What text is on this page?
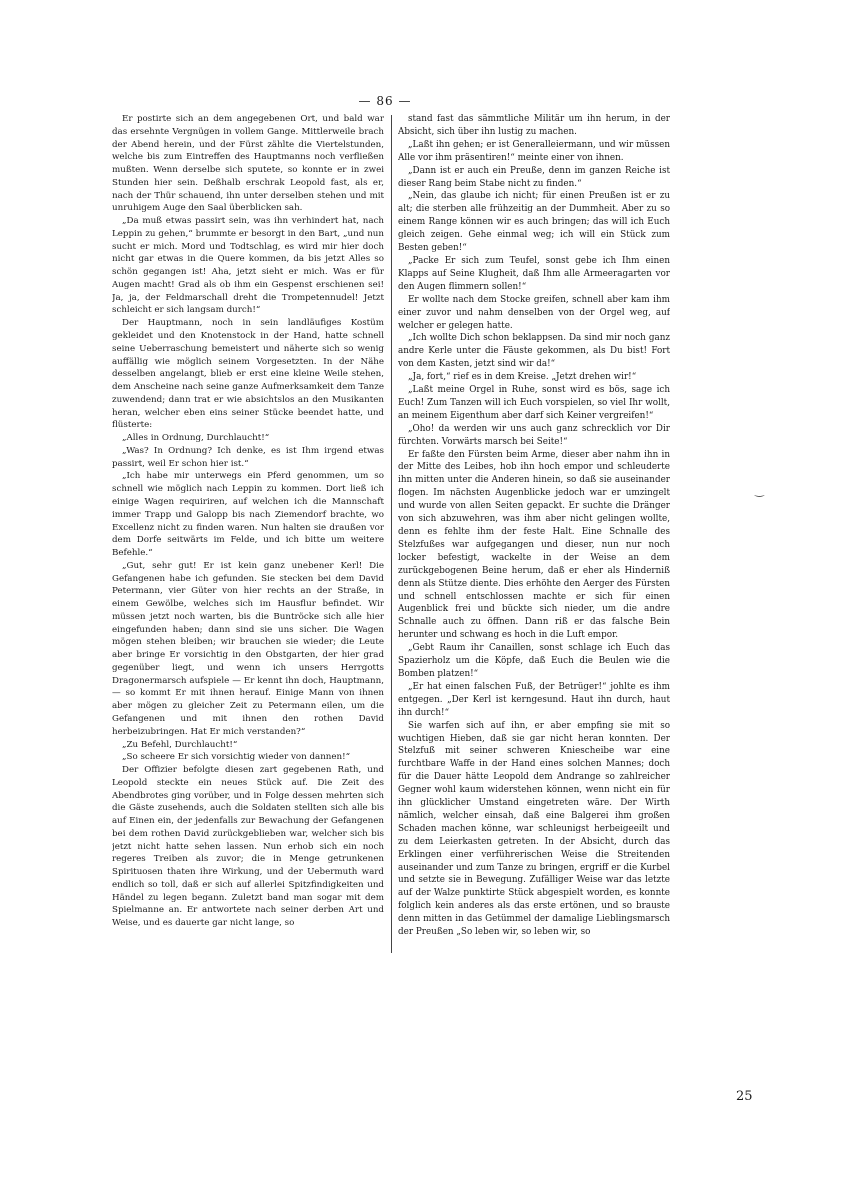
— 86 —

Er postirte sich an dem angegebenen Ort, und bald war das ersehnte Vergnügen in vollem Gange. Mittlerweile brach der Abend herein, und der Fürst zählte die Viertelstunden, welche bis zum Eintreffen des Hauptmanns noch verfließen mußten. Wenn derselbe sich sputete, so konnte er in zwei Stunden hier sein. Deßhalb erschrak Leopold fast, als er, nach der Thür schauend, ihn unter derselben stehen und mit unruhigem Auge den Saal überblicken sah.

„Da muß etwas passirt sein, was ihn verhindert hat, nach Leppin zu gehen,“ brummte er besorgt in den Bart, „und nun sucht er mich. Mord und Todtschlag, es wird mir hier doch nicht gar etwas in die Quere kommen, da bis jetzt Alles so schön gegangen ist! Aha, jetzt sieht er mich. Was er für Augen macht! Grad als ob ihm ein Gespenst erschienen sei! Ja, ja, der Feldmarschall dreht die Trompetennudel! Jetzt schleicht er sich langsam durch!“

Der Hauptmann, noch in sein landläufiges Kostüm gekleidet und den Knotenstock in der Hand, hatte schnell seine Ueberraschung bemeistert und näherte sich so wenig auffällig wie möglich seinem Vorgesetzten. In der Nähe desselben angelangt, blieb er erst eine kleine Weile stehen, dem Anscheine nach seine ganze Aufmerksamkeit dem Tanze zuwendend; dann trat er wie absichtslos an den Musikanten heran, welcher eben eins seiner Stücke beendet hatte, und flüsterte:

„Alles in Ordnung, Durchlaucht!“

„Was? In Ordnung? Ich denke, es ist Ihm irgend etwas passirt, weil Er schon hier ist.“

„Ich habe mir unterwegs ein Pferd genommen, um so schnell wie möglich nach Leppin zu kommen. Dort ließ ich einige Wagen requiriren, auf welchen ich die Mannschaft immer Trapp und Galopp bis nach Ziemendorf brachte, wo Excellenz nicht zu finden waren. Nun halten sie draußen vor dem Dorfe seitwärts im Felde, und ich bitte um weitere Befehle.“

„Gut, sehr gut! Er ist kein ganz unebener Kerl! Die Gefangenen habe ich gefunden. Sie stecken bei dem David Petermann, vier Güter von hier rechts an der Straße, in einem Gewölbe, welches sich im Hausflur befindet. Wir müssen jetzt noch warten, bis die Buntröcke sich alle hier eingefunden haben; dann sind sie uns sicher. Die Wagen mögen stehen bleiben; wir brauchen sie wieder; die Leute aber bringe Er vorsichtig in den Obstgarten, der hier grad gegenüber liegt, und wenn ich unsers Herrgotts Dragonermarsch aufspiele — Er kennt ihn doch, Hauptmann, — so kommt Er mit ihnen herauf. Einige Mann von ihnen aber mögen zu gleicher Zeit zu Petermann eilen, um die Gefangenen und mit ihnen den rothen David herbeizubringen. Hat Er mich verstanden?“

„Zu Befehl, Durchlaucht!“

„So scheere Er sich vorsichtig wieder von dannen!“

Der Offizier befolgte diesen zart gegebenen Rath, und Leopold steckte ein neues Stück auf. Die Zeit des Abendbrotes ging vorüber, und in Folge dessen mehrten sich die Gäste zusehends, auch die Soldaten stellten sich alle bis auf Einen ein, der jedenfalls zur Bewachung der Gefangenen bei dem rothen David zurückgeblieben war, welcher sich bis jetzt nicht hatte sehen lassen. Nun erhob sich ein noch regeres Treiben als zuvor; die in Menge getrunkenen Spirituosen thaten ihre Wirkung, und der Uebermuth ward endlich so toll, daß er sich auf allerlei Spitzfindigkeiten und Händel zu legen begann. Zuletzt band man sogar mit dem Spielmanne an. Er antwortete nach seiner derben Art und Weise, und es dauerte gar nicht lange, so

stand fast das sämmtliche Militär um ihn herum, in der Absicht, sich über ihn lustig zu machen.

„Laßt ihn gehen; er ist Generalleiermann, und wir müssen Alle vor ihm präsentiren!“ meinte einer von ihnen.

„Dann ist er auch ein Preuße, denn im ganzen Reiche ist dieser Rang beim Stabe nicht zu finden.“

„Nein, das glaube ich nicht; für einen Preußen ist er zu alt; die sterben alle frühzeitig an der Dummheit. Aber zu so einem Range können wir es auch bringen; das will ich Euch gleich zeigen. Gehe einmal weg; ich will ein Stück zum Besten geben!“

„Packe Er sich zum Teufel, sonst gebe ich Ihm einen Klapps auf Seine Klugheit, daß Ihm alle Armeeragarten vor den Augen flimmern sollen!“

Er wollte nach dem Stocke greifen, schnell aber kam ihm einer zuvor und nahm denselben von der Orgel weg, auf welcher er gelegen hatte.

„Ich wollte Dich schon beklappsen. Da sind mir noch ganz andre Kerle unter die Fäuste gekommen, als Du bist! Fort von dem Kasten, jetzt sind wir da!“

„Ja, fort,“ rief es in dem Kreise. „Jetzt drehen wir!“

„Laßt meine Orgel in Ruhe, sonst wird es bös, sage ich Euch! Zum Tanzen will ich Euch vorspielen, so viel Ihr wollt, an meinem Eigenthum aber darf sich Keiner vergreifen!“

„Oho! da werden wir uns auch ganz schrecklich vor Dir fürchten. Vorwärts marsch bei Seite!“

Er faßte den Fürsten beim Arme, dieser aber nahm ihn in der Mitte des Leibes, hob ihn hoch empor und schleuderte ihn mitten unter die Anderen hinein, so daß sie auseinander flogen. Im nächsten Augenblicke jedoch war er umzingelt und wurde von allen Seiten gepackt. Er suchte die Dränger von sich abzuwehren, was ihm aber nicht gelingen wollte, denn es fehlte ihm der feste Halt. Eine Schnalle des Stelzfußes war aufgegangen und dieser, nun nur noch locker befestigt, wackelte in der Weise an dem zurückgebogenen Beine herum, daß er eher als Hinderniß denn als Stütze diente. Dies erhöhte den Aerger des Fürsten und schnell entschlossen machte er sich für einen Augenblick frei und bückte sich nieder, um die andre Schnalle auch zu öffnen. Dann riß er das falsche Bein herunter und schwang es hoch in die Luft empor.

„Gebt Raum ihr Canaillen, sonst schlage ich Euch das Spazierholz um die Köpfe, daß Euch die Beulen wie die Bomben platzen!“

„Er hat einen falschen Fuß, der Betrüger!“ johlte es ihm entgegen. „Der Kerl ist kerngesund. Haut ihn durch, haut ihn durch!“

Sie warfen sich auf ihn, er aber empfing sie mit so wuchtigen Hieben, daß sie gar nicht heran konnten. Der Stelzfuß mit seiner schweren Kniescheibe war eine furchtbare Waffe in der Hand eines solchen Mannes; doch für die Dauer hätte Leopold dem Andrange so zahlreicher Gegner wohl kaum widerstehen können, wenn nicht ein für ihn glücklicher Umstand eingetreten wäre. Der Wirth nämlich, welcher einsah, daß eine Balgerei ihm großen Schaden machen könne, war schleunigst herbeigeeilt und zu dem Leierkasten getreten. In der Absicht, durch das Erklingen einer verführerischen Weise die Streitenden auseinander und zum Tanze zu bringen, ergriff er die Kurbel und setzte sie in Bewegung. Zufälliger Weise war das letzte auf der Walze punktirte Stück abgespielt worden, es konnte folglich kein anderes als das erste ertönen, und so brauste denn mitten in das Getümmel der damalige Lieblingsmarsch der Preußen „So leben wir, so leben wir, so

‿
25
